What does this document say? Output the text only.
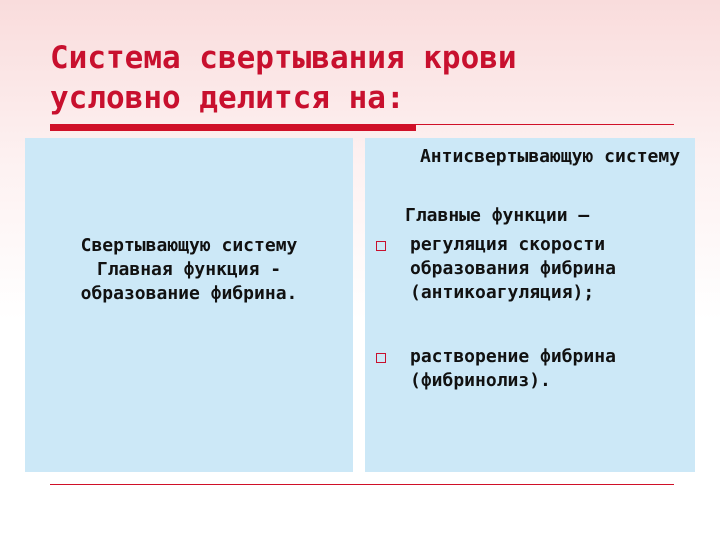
Система свертывания крови
условно делится на:
Свертывающую систему
Главная функция - образование фибрина.
Антисвертывающую систему
Главные функции –
регуляция скорости образования фибрина (антикоагуляция);
растворение фибрина (фибринолиз).
